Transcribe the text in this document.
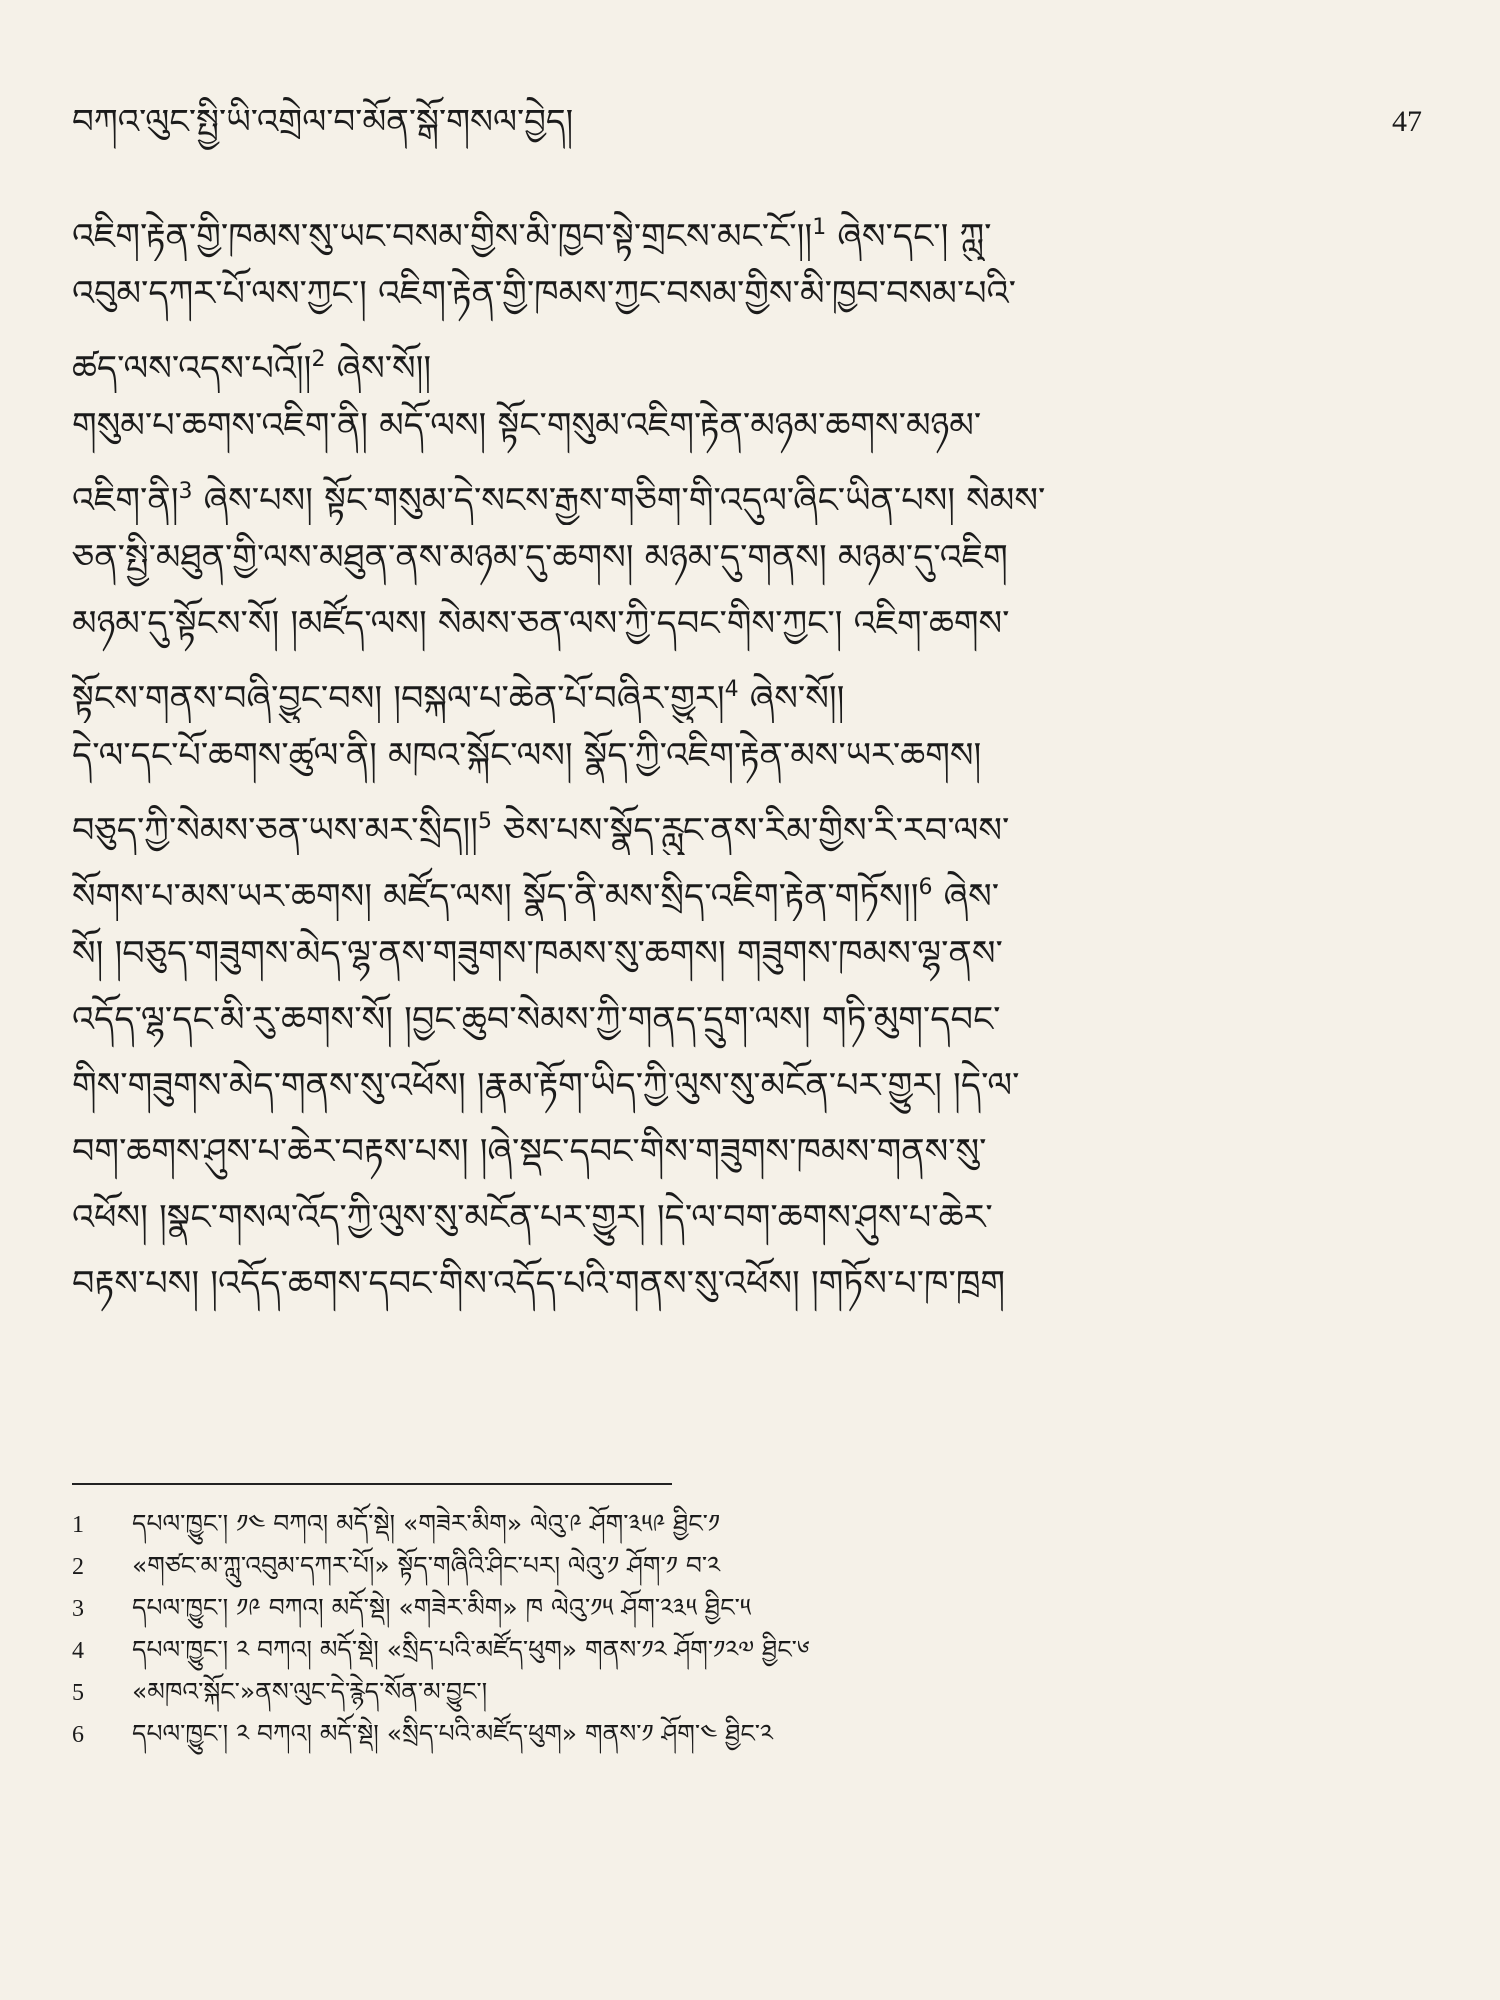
བཀའ་ལུང་སྤྱི་ཡི་འགྲེལ་བ་མོན་སྒོ་གསལ་བྱེད།	47
འཇིག་རྟེན་གྱི་ཁམས་སུ་ཡང་བསམ་གྱིས་མི་ཁྱབ་སྟེ་གྲངས་མང་ངོ་།།$^1$ ཞེས་དང་། ཀླུ་
འབུམ་དཀར་པོ་ལས་ཀྱང་། འཇིག་རྟེན་གྱི་ཁམས་ཀྱང་བསམ་གྱིས་མི་ཁྱབ་བསམ་པའི་
ཚད་ལས་འདས་པའོ།།$^2$ ཞེས་སོ།།
གསུམ་པ་ཆགས་འཇིག་ནི། མདོ་ལས། སྟོང་གསུམ་འཇིག་རྟེན་མཉམ་ཆགས་མཉམ་
འཇིག་ནི།$^3$ ཞེས་པས། སྟོང་གསུམ་དེ་སངས་རྒྱས་གཅིག་གི་འདུལ་ཞིང་ཡིན་པས། སེམས་
ཅན་སྤྱི་མཐུན་གྱི་ལས་མཐུན་ནས་མཉམ་དུ་ཆགས། མཉམ་དུ་གནས། མཉམ་དུ་འཇིག
མཉམ་དུ་སྟོངས་སོ། །མཛོད་ལས། སེམས་ཅན་ལས་ཀྱི་དབང་གིས་ཀྱང་། འཇིག་ཆགས་
སྟོངས་གནས་བཞི་བྱུང་བས། །བསྐལ་པ་ཆེན་པོ་བཞིར་གྱུར།$^4$ ཞེས་སོ།།
དེ་ལ་དང་པོ་ཆགས་ཚུལ་ནི། མཁའ་སྐོང་ལས། སྣོད་ཀྱི་འཇིག་རྟེན་མས་ཡར་ཆགས།
བཅུད་ཀྱི་སེམས་ཅན་ཡས་མར་སྲིད།།$^5$ ཅེས་པས་སྣོད་རླུང་ནས་རིམ་གྱིས་རི་རབ་ལས་
སོགས་པ་མས་ཡར་ཆགས། མཛོད་ལས། སྣོད་ནི་མས་སྲིད་འཇིག་རྟེན་གཏོས།།$^6$ ཞེས་
སོ། །བཅུད་གཟུགས་མེད་ལྷ་ནས་གཟུགས་ཁམས་སུ་ཆགས། གཟུགས་ཁམས་ལྷ་ནས་
འདོད་ལྷ་དང་མི་རུ་ཆགས་སོ། །བྱང་ཆུབ་སེམས་ཀྱི་གནད་དྲུག་ལས། གཏི་མུག་དབང་
གིས་གཟུགས་མེད་གནས་སུ་འཕོས། །རྣམ་རྟོག་ཡིད་ཀྱི་ལུས་སུ་མངོན་པར་གྱུར། །དེ་ལ་
བག་ཆགས་ཤུས་པ་ཆེར་བརྟས་པས། །ཞེ་སྡང་དབང་གིས་གཟུགས་ཁམས་གནས་སུ་
འཕོས། །སྣང་གསལ་འོད་ཀྱི་ལུས་སུ་མངོན་པར་གྱུར། །དེ་ལ་བག་ཆགས་ཤུས་པ་ཆེར་
བརྟས་པས། །འདོད་ཆགས་དབང་གིས་འདོད་པའི་གནས་སུ་འཕོས། །གཏོས་པ་ཁ་ཁྲག
1 དཔལ་ཁྱུང་། ༡༤ བཀའ། མདོ་སྡེ། «གཟེར་མིག» ལེའུ་༩ ཤོག་༣༥༩ ཐྱིང་༡
2 «གཙང་མ་ཀླུ་འབུམ་དཀར་པོ།» སྟོད་གཞིའི་ཤིང་པར། ལེའུ་༡ ཤོག་༡ བ་༢
3 དཔལ་ཁྱུང་། ༡༩ བཀའ། མདོ་སྡེ། «གཟེར་མིག» ཁ ལེའུ་༡༥ ཤོག་༢༣༥ ཐྱིང་༥
4 དཔལ་ཁྱུང་། ༢ བཀའ། མདོ་སྡེ། «སྲིད་པའི་མཛོད་ཕུག» གནས་༡༢ ཤོག་༡༢༧ ཐྱིང་༦
5 «མཁའ་སྐོང་»ནས་ལུང་དེ་རྙེད་སོན་མ་བྱུང་།
6 དཔལ་ཁྱུང་། ༢ བཀའ། མདོ་སྡེ། «སྲིད་པའི་མཛོད་ཕུག» གནས་༡ ཤོག་༤ ཐྱིང་༢
